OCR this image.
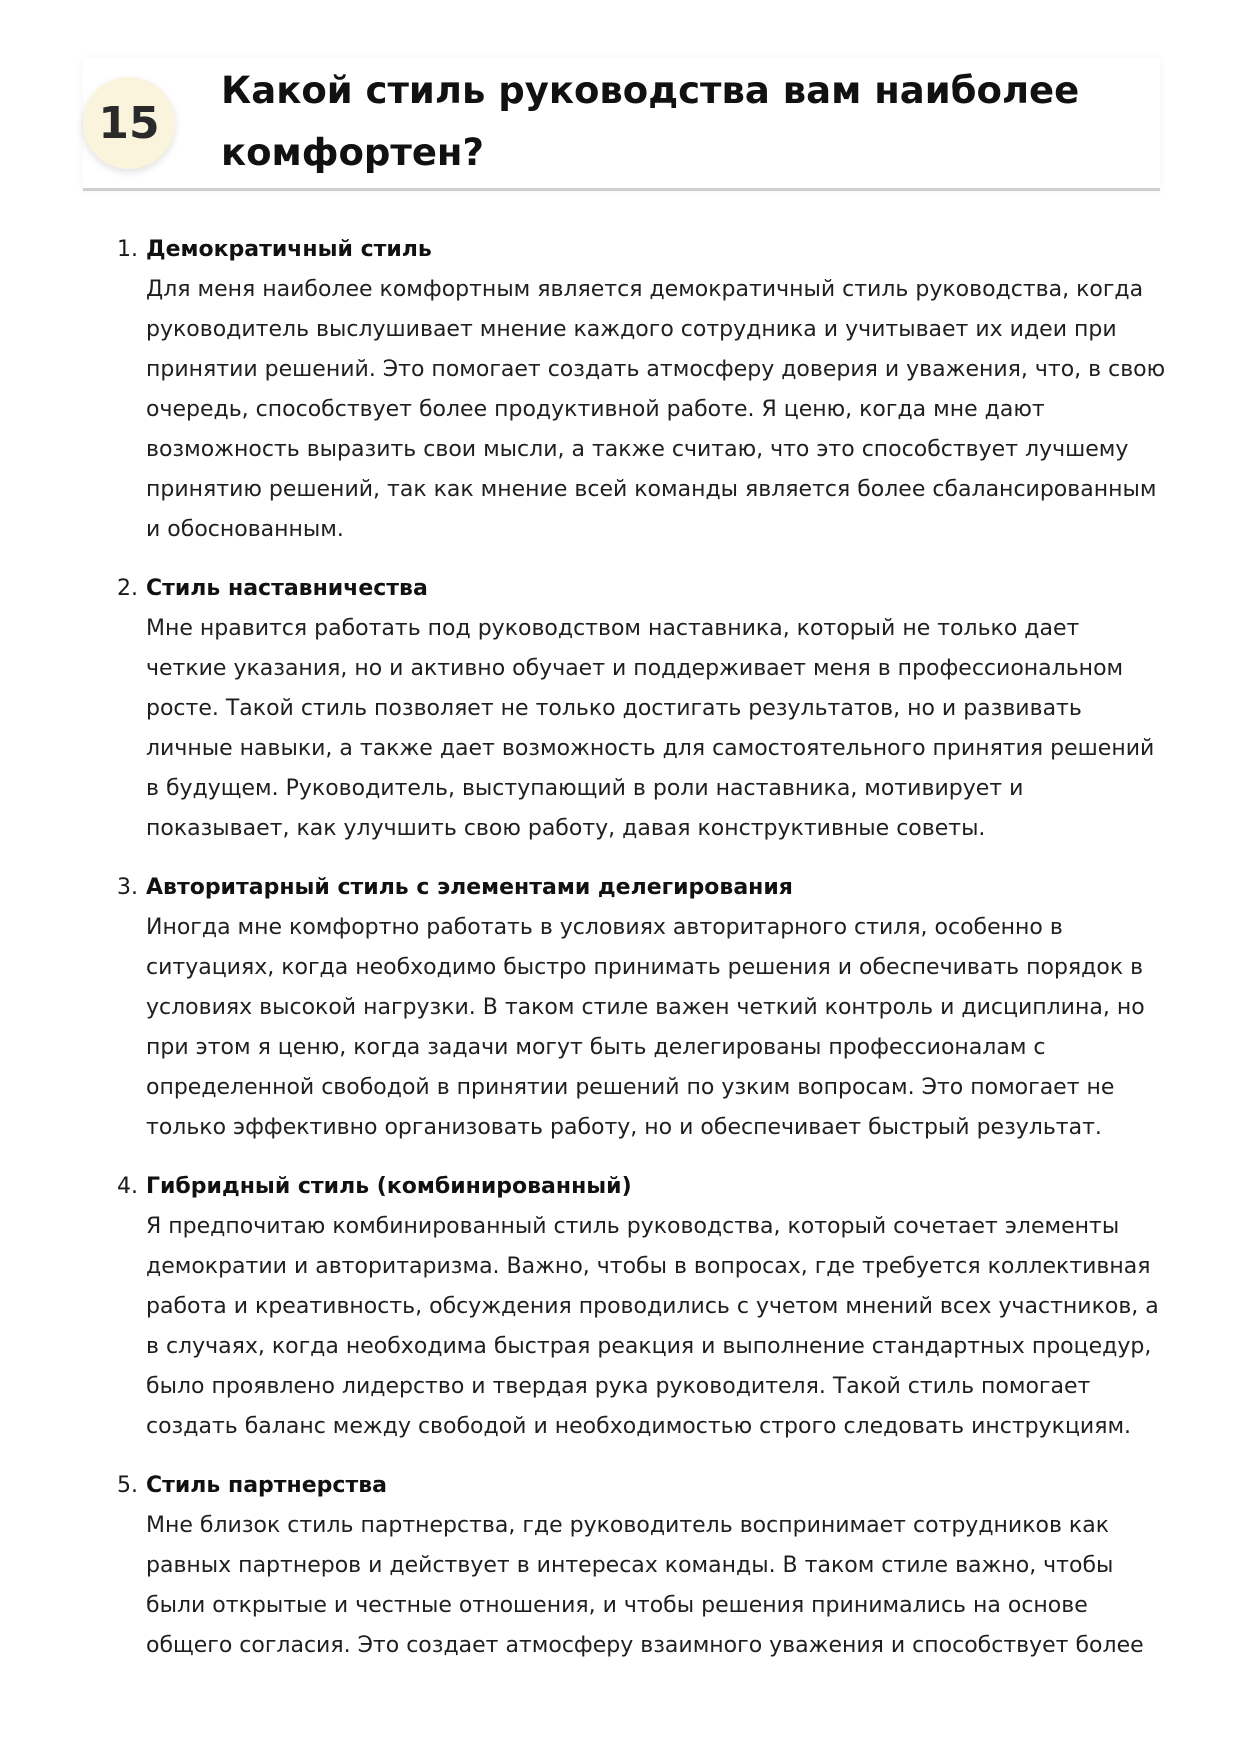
15
Какой стиль руководства вам наиболее комфортен?
1. Демократичный стиль
Для меня наиболее комфортным является демократичный стиль руководства, когда руководитель выслушивает мнение каждого сотрудника и учитывает их идеи при принятии решений. Это помогает создать атмосферу доверия и уважения, что, в свою очередь, способствует более продуктивной работе. Я ценю, когда мне дают возможность выразить свои мысли, а также считаю, что это способствует лучшему принятию решений, так как мнение всей команды является более сбалансированным и обоснованным.
2. Стиль наставничества
Мне нравится работать под руководством наставника, который не только дает четкие указания, но и активно обучает и поддерживает меня в профессиональном росте. Такой стиль позволяет не только достигать результатов, но и развивать личные навыки, а также дает возможность для самостоятельного принятия решений в будущем. Руководитель, выступающий в роли наставника, мотивирует и показывает, как улучшить свою работу, давая конструктивные советы.
3. Авторитарный стиль с элементами делегирования
Иногда мне комфортно работать в условиях авторитарного стиля, особенно в ситуациях, когда необходимо быстро принимать решения и обеспечивать порядок в условиях высокой нагрузки. В таком стиле важен четкий контроль и дисциплина, но при этом я ценю, когда задачи могут быть делегированы профессионалам с определенной свободой в принятии решений по узким вопросам. Это помогает не только эффективно организовать работу, но и обеспечивает быстрый результат.
4. Гибридный стиль (комбинированный)
Я предпочитаю комбинированный стиль руководства, который сочетает элементы демократии и авторитаризма. Важно, чтобы в вопросах, где требуется коллективная работа и креативность, обсуждения проводились с учетом мнений всех участников, а в случаях, когда необходима быстрая реакция и выполнение стандартных процедур, было проявлено лидерство и твердая рука руководителя. Такой стиль помогает создать баланс между свободой и необходимостью строго следовать инструкциям.
5. Стиль партнерства
Мне близок стиль партнерства, где руководитель воспринимает сотрудников как равных партнеров и действует в интересах команды. В таком стиле важно, чтобы были открытые и честные отношения, и чтобы решения принимались на основе общего согласия. Это создает атмосферу взаимного уважения и способствует более
